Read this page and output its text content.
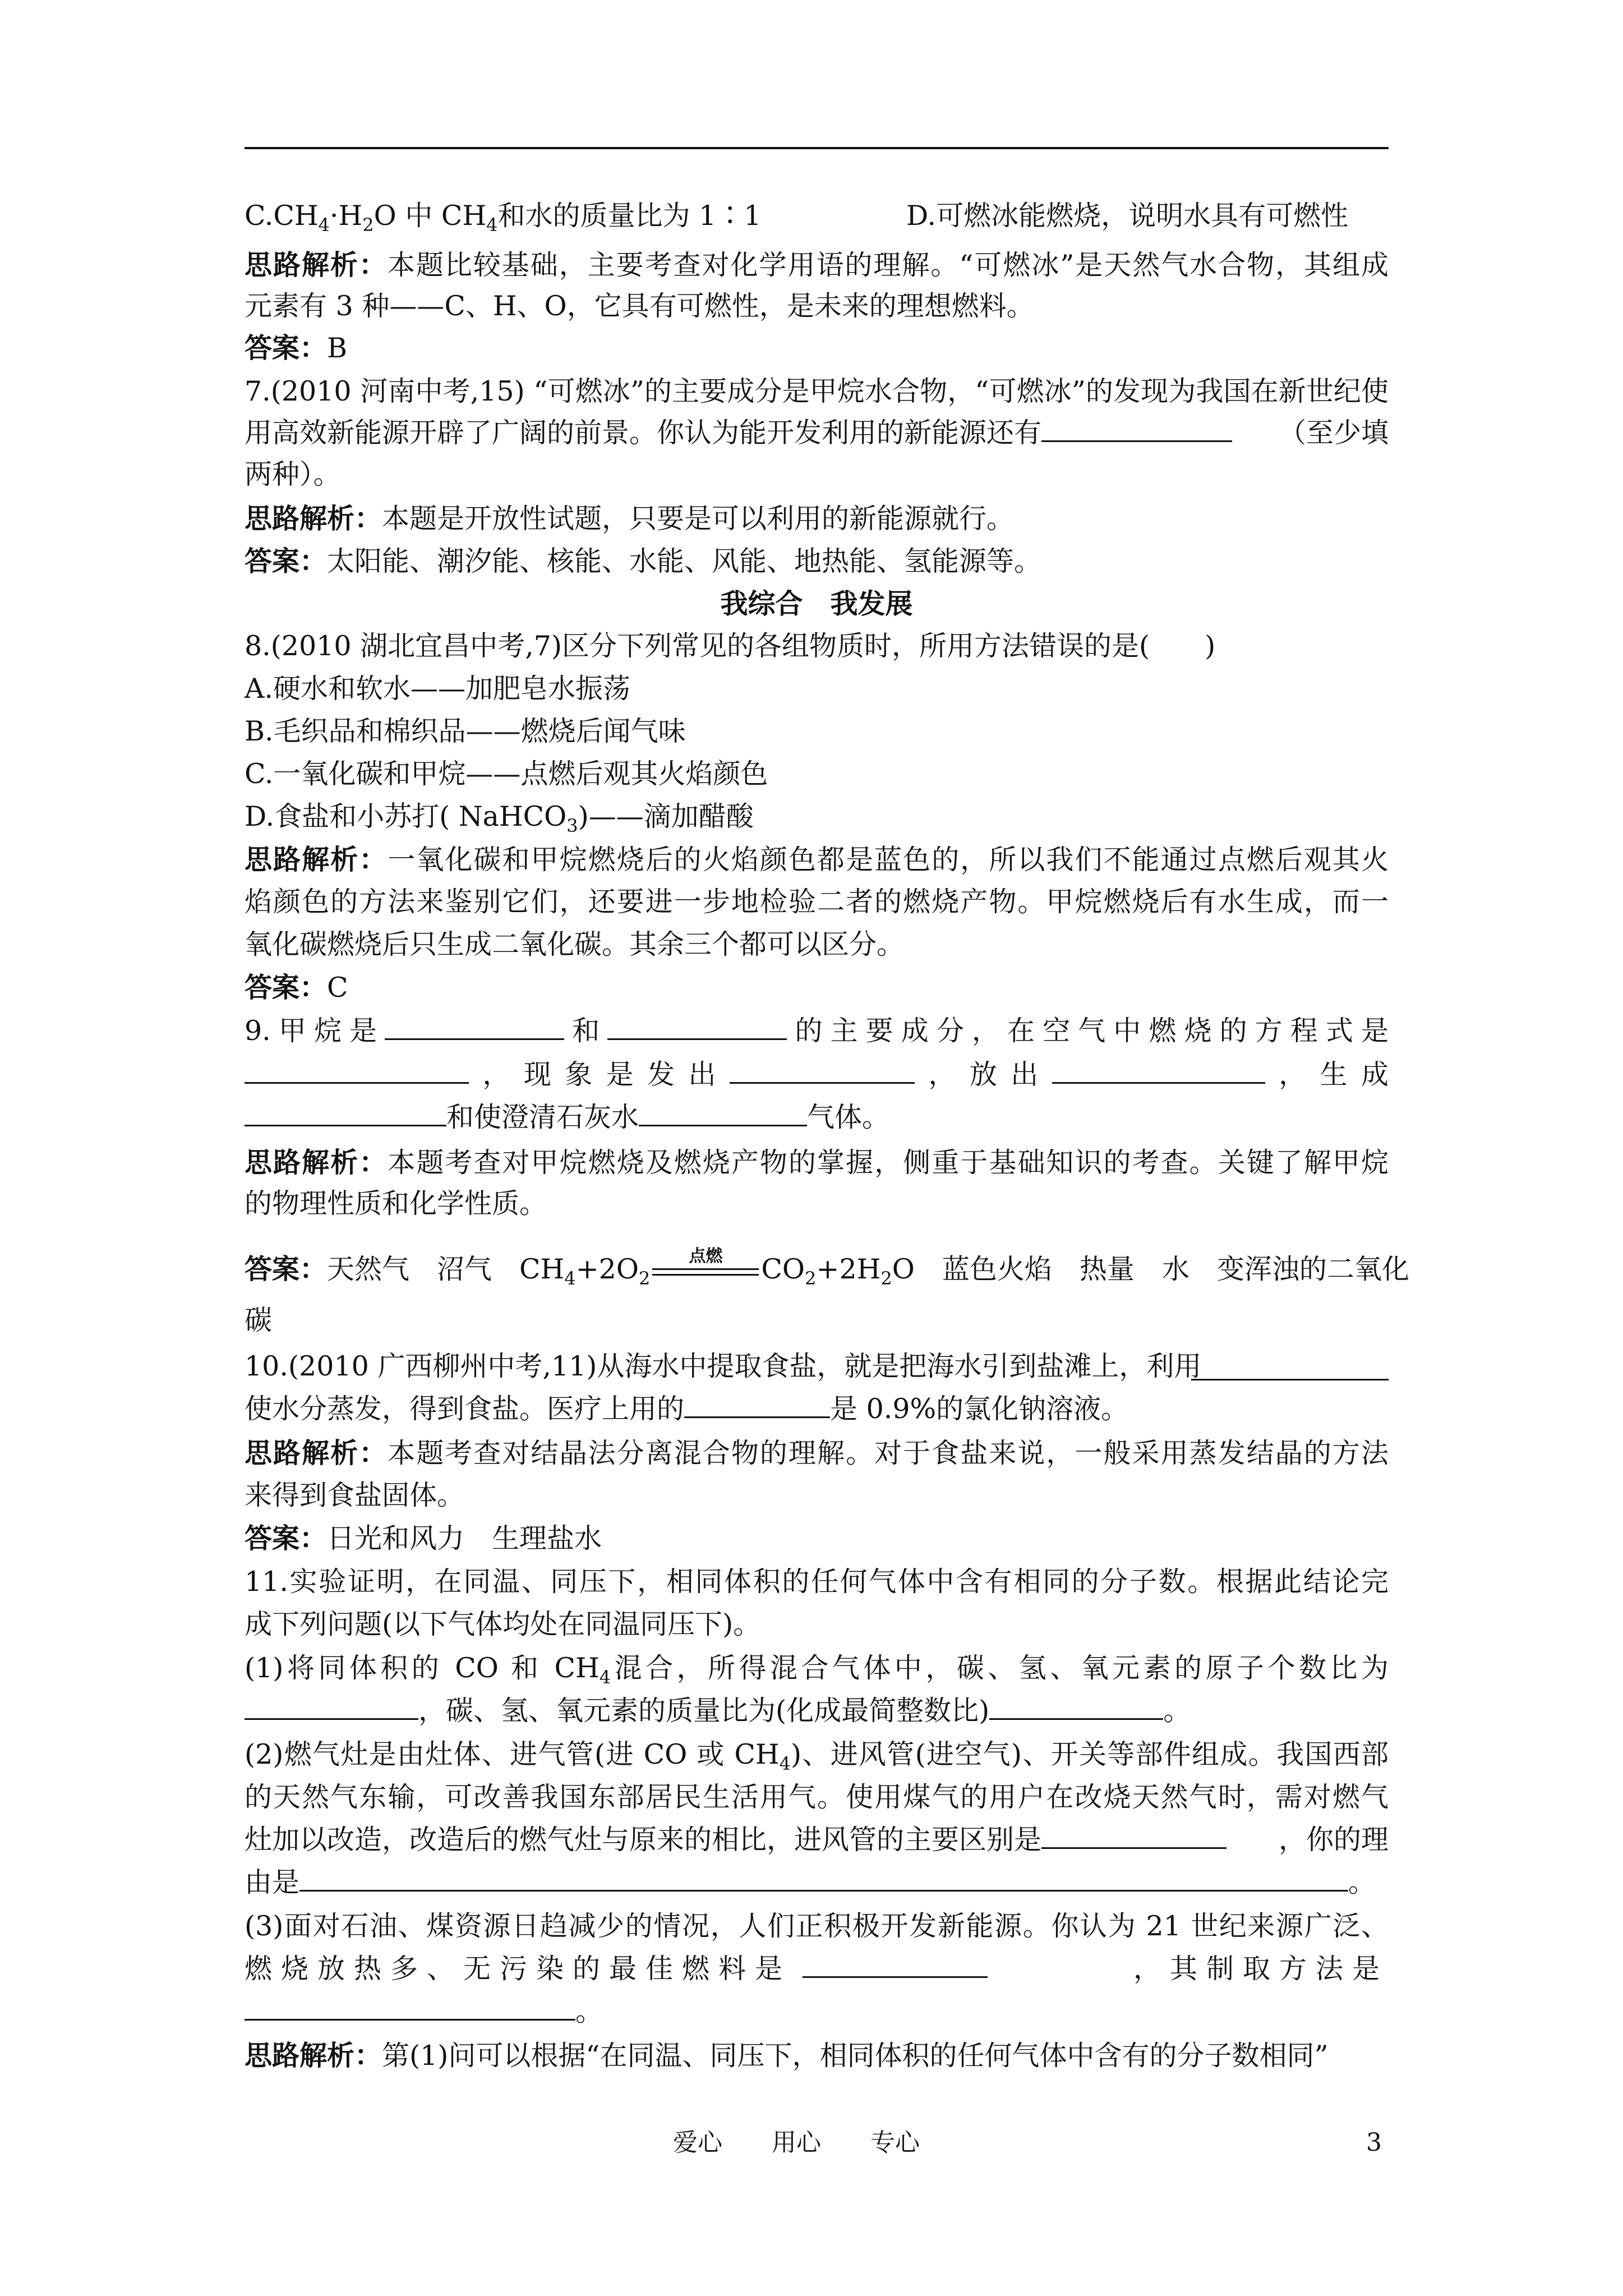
$C.CH_4\cdot H_2O$ 中 $CH_4$和水的质量比为 1∶1	D.可燃冰能燃烧，说明水具有可燃性
思路解析：本题比较基础，主要考查对化学用语的理解。“可燃冰”是天然气水合物，其组成
元素有 3 种——C、H、O，它具有可燃性，是未来的理想燃料。
答案：B
7.(2010 河南中考,15) “可燃冰”的主要成分是甲烷水合物，“可燃冰”的发现为我国在新世纪使
用高效新能源开辟了广阔的前景。你认为能开发利用的新能源还有	（至少填
两种）。
思路解析：本题是开放性试题，只要是可以利用的新能源就行。
答案：太阳能、潮汐能、核能、水能、风能、地热能、氢能源等。
我综合　我发展
8.(2010 湖北宜昌中考,7)区分下列常见的各组物质时，所用方法错误的是(　　)
A.硬水和软水——加肥皂水振荡
B.毛织品和棉织品——燃烧后闻气味
C.一氧化碳和甲烷——点燃后观其火焰颜色
D.食盐和小苏打( NaHCO$_3$)——滴加醋酸
思路解析：一氧化碳和甲烷燃烧后的火焰颜色都是蓝色的，所以我们不能通过点燃后观其火
焰颜色的方法来鉴别它们，还要进一步地检验二者的燃烧产物。甲烷燃烧后有水生成，而一
氧化碳燃烧后只生成二氧化碳。其余三个都可以区分。
答案：C
9.甲烷是	和	的主要成分，在空气中燃烧的方程式是
，现象是发出	，放出	，生成
和使澄清石灰水	气体。
思路解析：本题考查对甲烷燃烧及燃烧产物的掌握，侧重于基础知识的考查。关键了解甲烷
的物理性质和化学性质。
答案：天然气　沼气　$CH_4+2O_2$
点燃	$CO_2+2H_2O$　蓝色火焰　热量　水　变浑浊的二氧化
碳
10.(2010 广西柳州中考,11)从海水中提取食盐，就是把海水引到盐滩上，利用
使水分蒸发，得到食盐。医疗上用的	是 0.9%的氯化钠溶液。
思路解析：本题考查对结晶法分离混合物的理解。对于食盐来说，一般采用蒸发结晶的方法
来得到食盐固体。
答案：日光和风力　生理盐水
11.实验证明，在同温、同压下，相同体积的任何气体中含有相同的分子数。根据此结论完
成下列问题(以下气体均处在同温同压下)。
(1)将同体积的 CO 和 $CH_4$混合，所得混合气体中，碳、氢、氧元素的原子个数比为
，碳、氢、氧元素的质量比为(化成最简整数比)	。
(2)燃气灶是由灶体、进气管(进 CO 或 $CH_4$)、进风管(进空气)、开关等部件组成。我国西部
的天然气东输，可改善我国东部居民生活用气。使用煤气的用户在改烧天然气时，需对燃气
灶加以改造，改造后的燃气灶与原来的相比，进风管的主要区别是	，你的理
由是	。
(3)面对石油、煤资源日趋减少的情况，人们正积极开发新能源。你认为 21 世纪来源广泛、
燃烧放热多、无污染的最佳燃料是	，其制取方法是
。
思路解析：第(1)问可以根据“在同温、同压下，相同体积的任何气体中含有的分子数相同”
爱心　　用心　　专心	3
